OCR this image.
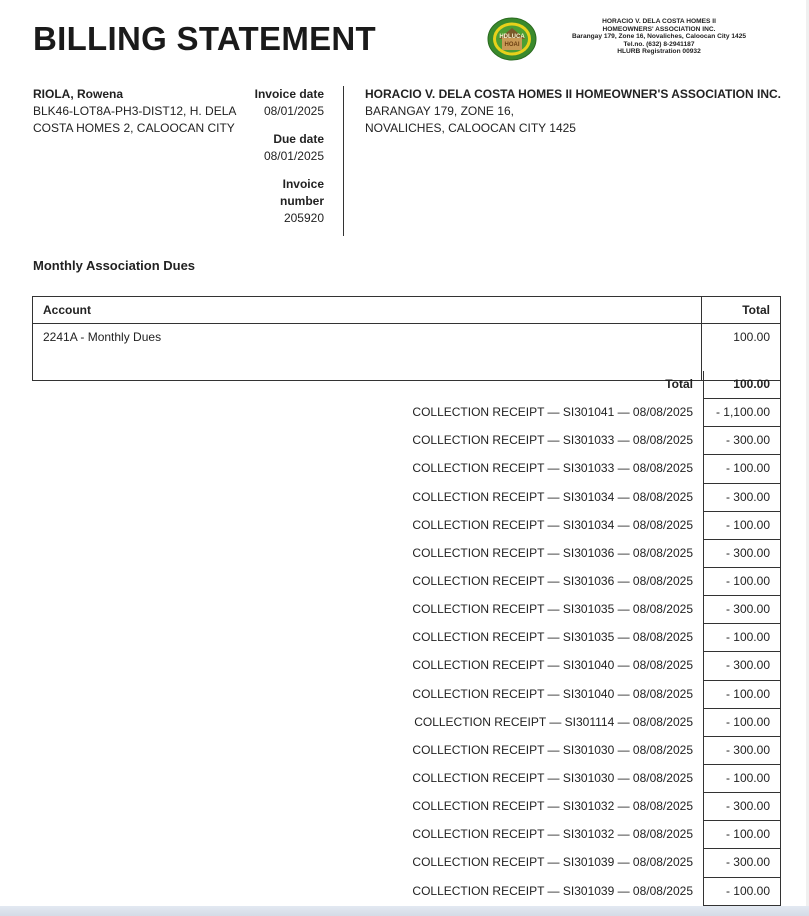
BILLING STATEMENT	HDLUCA
HOAI
HORACIO V. DELA COSTA HOMES II
HOMEOWNERS' ASSOCIATION INC.
Barangay 179, Zone 16, Novaliches, Caloocan City 1425
Tel.no. (632) 8-2941187
HLURB Registration 00932
RIOLA, Rowena
BLK46-LOT8A-PH3-DIST12, H. DELA
COSTA HOMES 2, CALOOCAN CITY
Invoice date
08/01/2025
Due date
08/01/2025
Invoice
number
205920
HORACIO V. DELA COSTA HOMES II HOMEOWNER'S ASSOCIATION INC.
BARANGAY 179, ZONE 16,
NOVALICHES, CALOOCAN CITY 1425
Monthly Association Dues
Account	Total
2241A - Monthly Dues	100.00
Total	100.00
COLLECTION RECEIPT — SI301041 — 08/08/2025	- 1,100.00
COLLECTION RECEIPT — SI301033 — 08/08/2025	- 300.00
COLLECTION RECEIPT — SI301033 — 08/08/2025	- 100.00
COLLECTION RECEIPT — SI301034 — 08/08/2025	- 300.00
COLLECTION RECEIPT — SI301034 — 08/08/2025	- 100.00
COLLECTION RECEIPT — SI301036 — 08/08/2025	- 300.00
COLLECTION RECEIPT — SI301036 — 08/08/2025	- 100.00
COLLECTION RECEIPT — SI301035 — 08/08/2025	- 300.00
COLLECTION RECEIPT — SI301035 — 08/08/2025	- 100.00
COLLECTION RECEIPT — SI301040 — 08/08/2025	- 300.00
COLLECTION RECEIPT — SI301040 — 08/08/2025	- 100.00
COLLECTION RECEIPT — SI301114 — 08/08/2025	- 100.00
COLLECTION RECEIPT — SI301030 — 08/08/2025	- 300.00
COLLECTION RECEIPT — SI301030 — 08/08/2025	- 100.00
COLLECTION RECEIPT — SI301032 — 08/08/2025	- 300.00
COLLECTION RECEIPT — SI301032 — 08/08/2025	- 100.00
COLLECTION RECEIPT — SI301039 — 08/08/2025	- 300.00
COLLECTION RECEIPT — SI301039 — 08/08/2025	- 100.00
